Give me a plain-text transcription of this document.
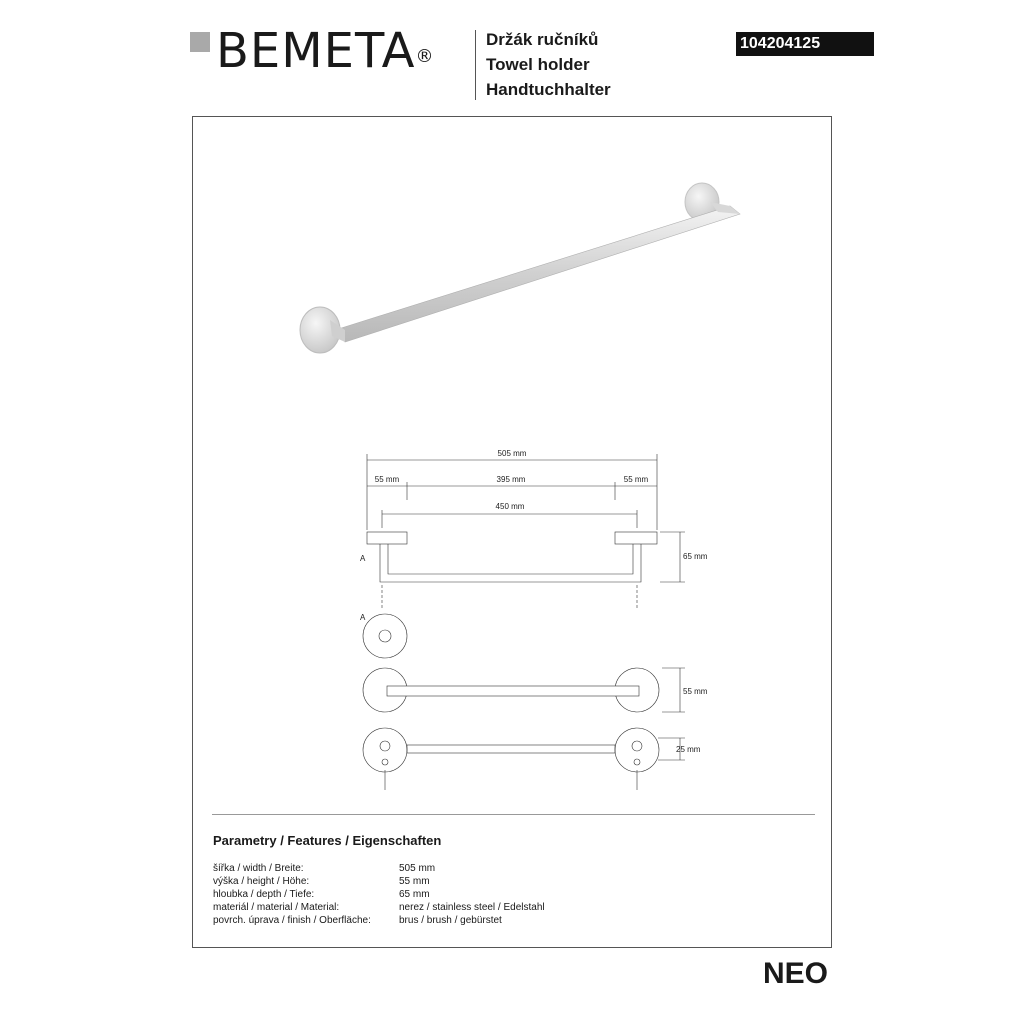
BEMETA®
Držák ručníků
Towel holder
Handtuchhalter
104204125
505 mm
55 mm	395 mm	55 mm
450 mm
65 mm
55 mm
25 mm
A
A
Parametry / Features / Eigenschaften
šířka / width / Breite:	505 mm
výška / height / Höhe:	55 mm
hloubka / depth / Tiefe:	65 mm
materiál / material / Material:	nerez / stainless steel / Edelstahl
povrch. úprava / finish / Oberfläche:	brus / brush / gebürstet
NEO
